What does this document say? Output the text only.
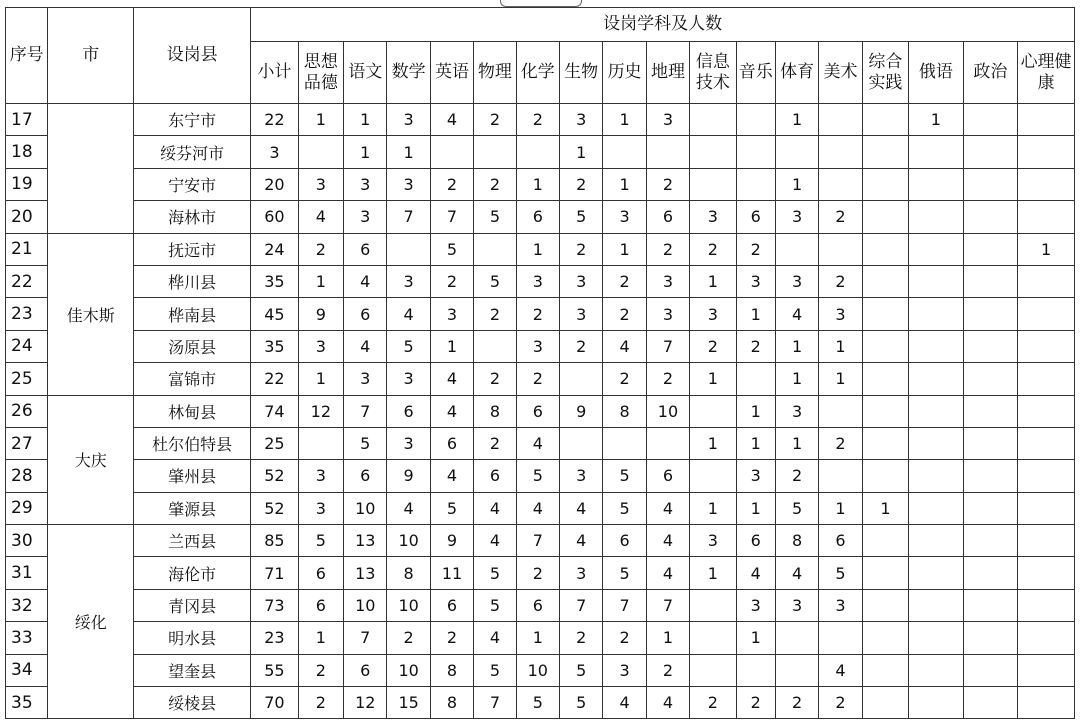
序号	市	设岗县	设岗学科及人数																	
			小计	思想品德	语文	数学	英语	物理	化学	生物	历史	地理	信息技术	音乐	体育	美术	综合实践	俄语	政治	心理健康
17		东宁市	22	1	1	3	4	2	2	3	1	3			1			1		
18		绥芬河市	3		1	1				1										
19		宁安市	20	3	3	3	2	2	1	2	1	2			1					
20		海林市	60	4	3	7	7	5	6	5	3	6	3	6	3	2				
21	佳木斯	抚远市	24	2	6		5		1	2	1	2	2	2						1
22		桦川县	35	1	4	3	2	5	3	3	2	3	1	3	3	2				
23		桦南县	45	9	6	4	3	2	2	3	2	3	3	1	4	3				
24		汤原县	35	3	4	5	1		3	2	4	7	2	2	1	1				
25		富锦市	22	1	3	3	4	2	2		2	2	1		1	1				
26	大庆	林甸县	74	12	7	6	4	8	6	9	8	10		1	3					
27		杜尔伯特县	25		5	3	6	2	4				1	1	1	2				
28		肇州县	52	3	6	9	4	6	5	3	5	6		3	2					
29		肇源县	52	3	10	4	5	4	4	4	5	4	1	1	5	1	1			
30	绥化	兰西县	85	5	13	10	9	4	7	4	6	4	3	6	8	6				
31		海伦市	71	6	13	8	11	5	2	3	5	4	1	4	4	5				
32		青冈县	73	6	10	10	6	5	6	7	7	7		3	3	3				
33		明水县	23	1	7	2	2	4	1	2	2	1		1						
34		望奎县	55	2	6	10	8	5	10	5	3	2				4				
35		绥棱县	70	2	12	15	8	7	5	5	4	4	2	2	2	2				
